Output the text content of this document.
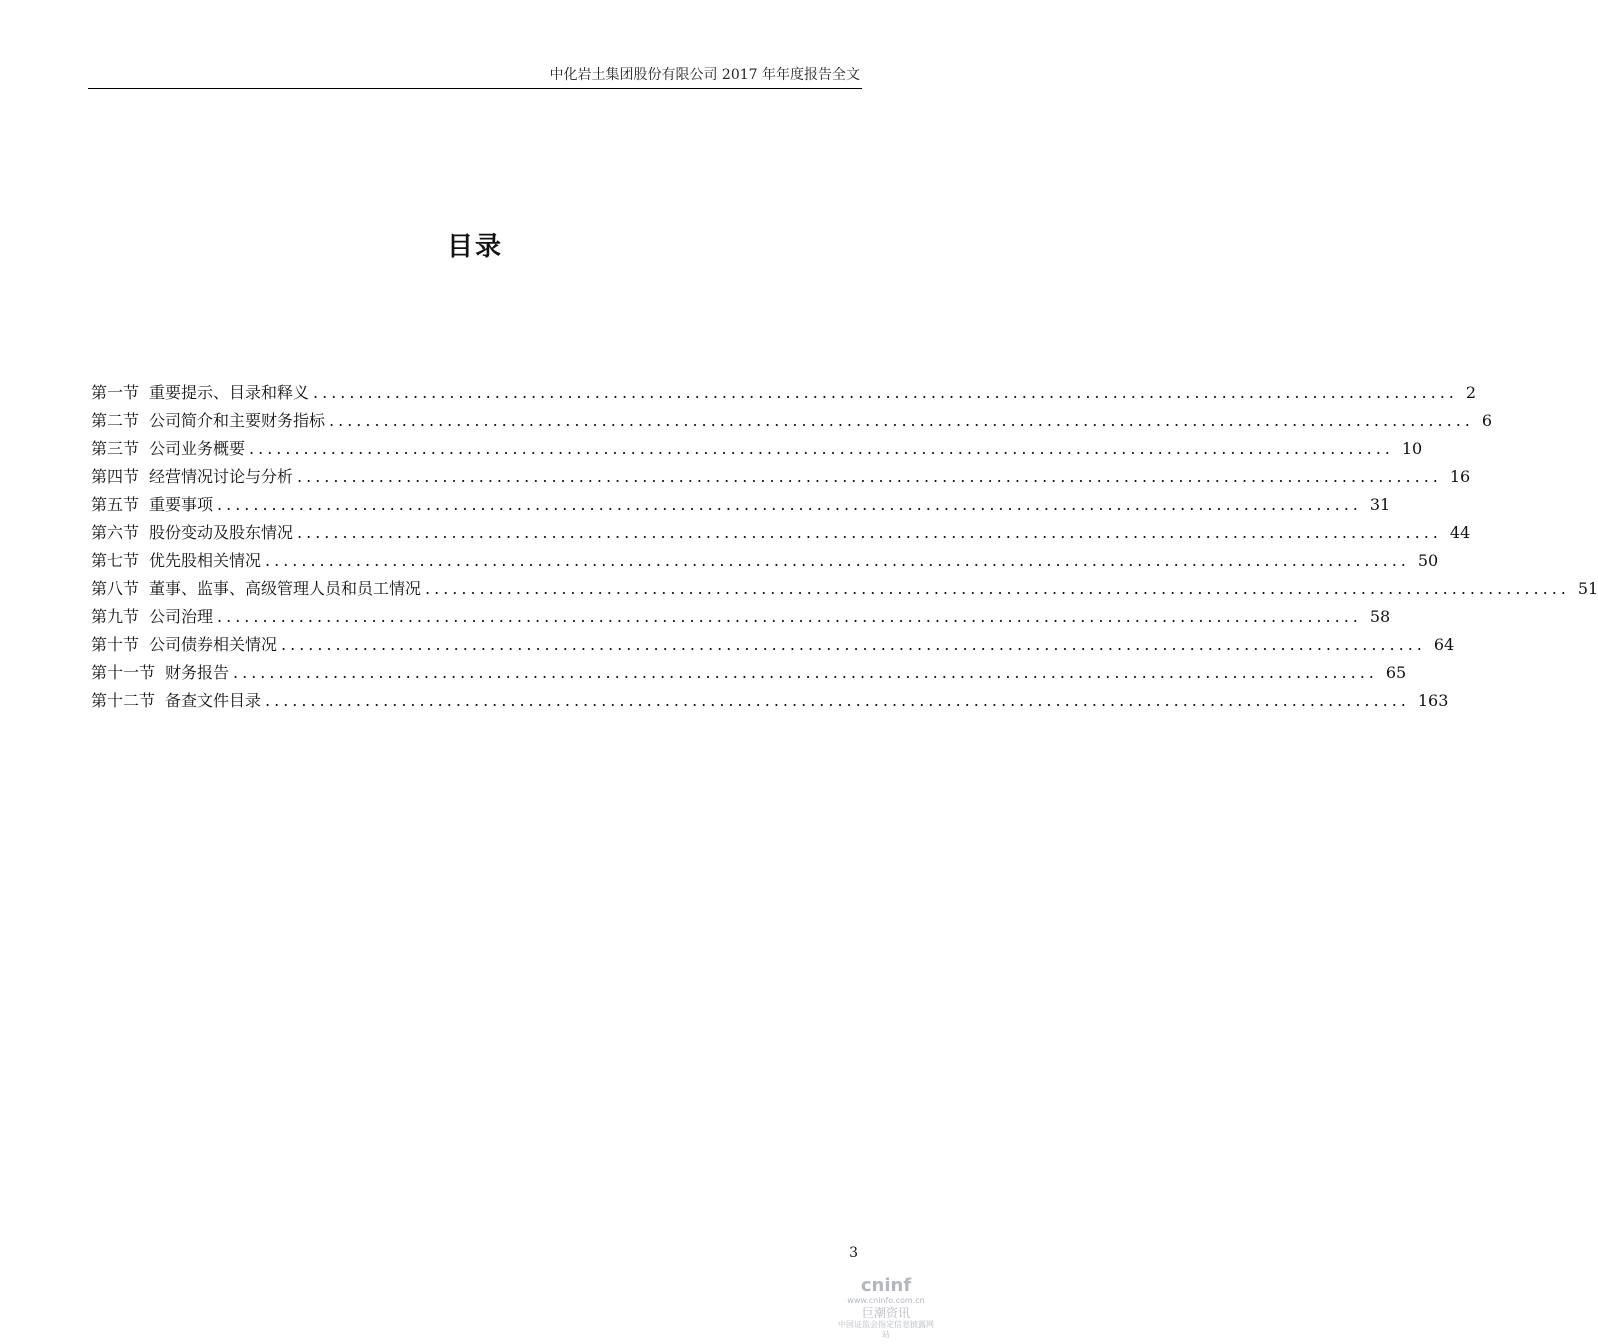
中化岩土集团股份有限公司 2017 年年度报告全文
目录
第一节 重要提示、目录和释义 .............................................................................................................................. 2
第二节 公司简介和主要财务指标 .............................................................................................................................. 6
第三节 公司业务概要 .............................................................................................................................. 10
第四节 经营情况讨论与分析 .............................................................................................................................. 16
第五节 重要事项 .............................................................................................................................. 31
第六节 股份变动及股东情况 .............................................................................................................................. 44
第七节 优先股相关情况 .............................................................................................................................. 50
第八节 董事、监事、高级管理人员和员工情况 .............................................................................................................................. 51
第九节 公司治理 .............................................................................................................................. 58
第十节 公司债券相关情况 .............................................................................................................................. 64
第十一节 财务报告 .............................................................................................................................. 65
第十二节 备查文件目录 .............................................................................................................................. 163
3
cninf
www.cninfo.com.cn
巨潮资讯
中国证监会指定信息披露网站
